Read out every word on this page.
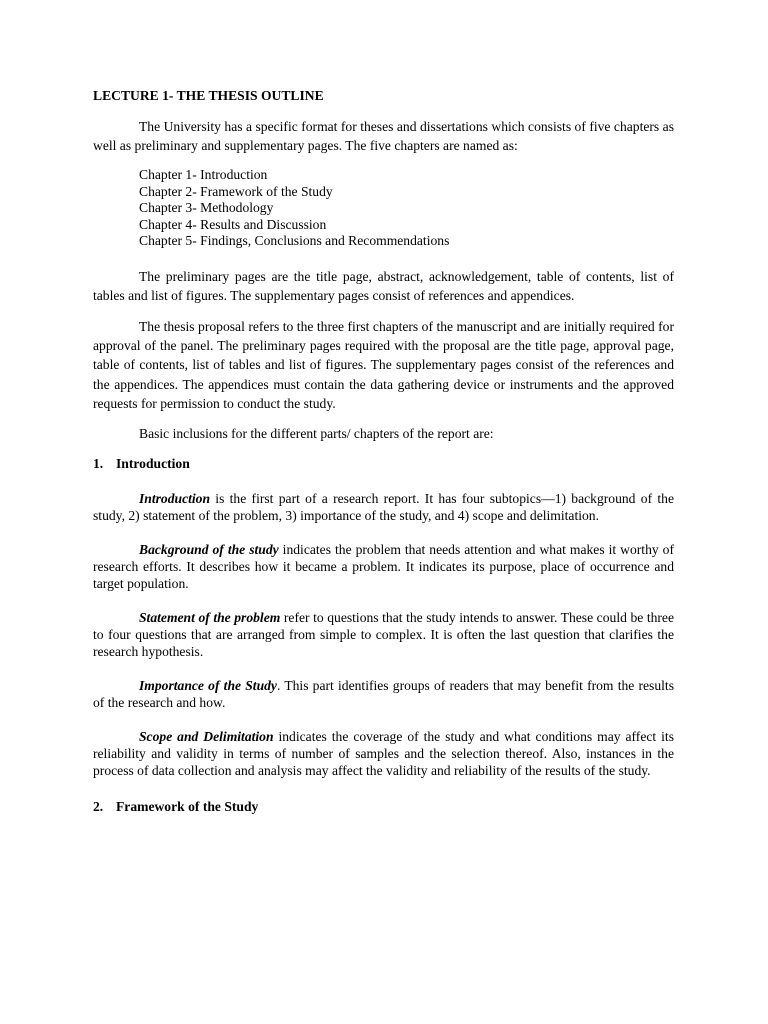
LECTURE 1- THE THESIS OUTLINE

The University has a specific format for theses and dissertations which consists of five chapters as well as preliminary and supplementary pages. The five chapters are named as:

Chapter 1- Introduction
Chapter 2- Framework of the Study
Chapter 3- Methodology
Chapter 4- Results and Discussion
Chapter 5- Findings, Conclusions and Recommendations

The preliminary pages are the title page, abstract, acknowledgement, table of contents, list of tables and list of figures. The supplementary pages consist of references and appendices.

The thesis proposal refers to the three first chapters of the manuscript and are initially required for approval of the panel. The preliminary pages required with the proposal are the title page, approval page, table of contents, list of tables and list of figures. The supplementary pages consist of the references and the appendices. The appendices must contain the data gathering device or instruments and the approved requests for permission to conduct the study.

Basic inclusions for the different parts/ chapters of the report are:

1. Introduction

Introduction is the first part of a research report. It has four subtopics—1) background of the study, 2) statement of the problem, 3) importance of the study, and 4) scope and delimitation.

Background of the study indicates the problem that needs attention and what makes it worthy of research efforts. It describes how it became a problem. It indicates its purpose, place of occurrence and target population.

Statement of the problem refer to questions that the study intends to answer. These could be three to four questions that are arranged from simple to complex. It is often the last question that clarifies the research hypothesis.

Importance of the Study. This part identifies groups of readers that may benefit from the results of the research and how.

Scope and Delimitation indicates the coverage of the study and what conditions may affect its reliability and validity in terms of number of samples and the selection thereof. Also, instances in the process of data collection and analysis may affect the validity and reliability of the results of the study.

2. Framework of the Study
